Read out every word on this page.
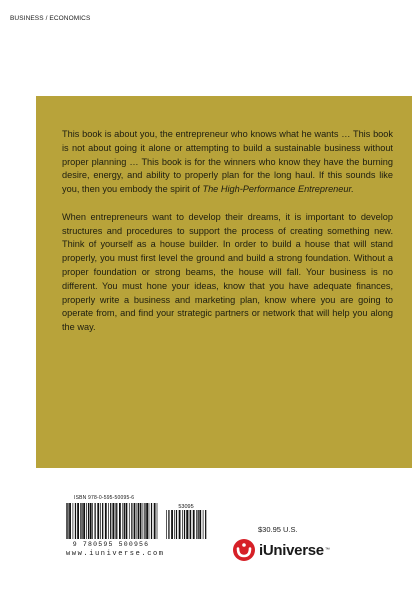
BUSINESS / ECONOMICS

This book is about you, the entrepreneur who knows what he wants … This book is not about going it alone or attempting to build a sustainable business without proper planning … This book is for the winners who know they have the burning desire, energy, and ability to properly plan for the long haul. If this sounds like you, then you embody the spirit of The High-Performance Entrepreneur.

When entrepreneurs want to develop their dreams, it is important to develop structures and procedures to support the process of creating something new. Think of yourself as a house builder. In order to build a house that will stand properly, you must first level the ground and build a strong foundation. Without a proper foundation or strong beams, the house will fall. Your business is no different. You must hone your ideas, know that you have adequate finances, properly write a business and marketing plan, know where you are going to operate from, and find your strategic partners or network that will help you along the way.

ISBN 978-0-595-50095-6
53095
9 780595 500956
www.iuniverse.com
$30.95 U.S.
iUniverse ™
